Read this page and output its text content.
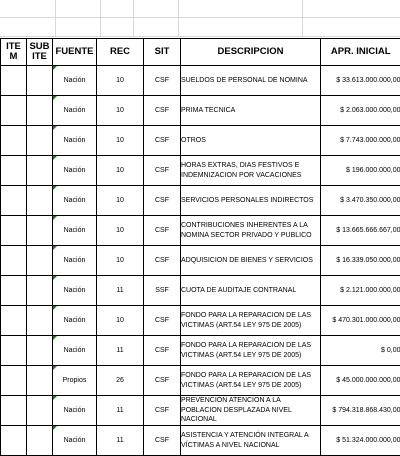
ITE M	SUB ITE	FUENTE	REC	SIT	DESCRIPCION	APR. INICIAL
		Nación	10	CSF	SUELDOS DE PERSONAL DE NOMINA	$ 33.613.000.000,00
		Nación	10	CSF	PRIMA TECNICA	$ 2.063.000.000,00
		Nación	10	CSF	OTROS	$ 7.743.000.000,00
		Nación	10	CSF	HORAS EXTRAS, DIAS FESTIVOS E INDEMNIZACION POR VACACIONES	$ 196.000.000,00
		Nación	10	CSF	SERVICIOS PERSONALES INDIRECTOS	$ 3.470.350.000,00
		Nación	10	CSF	CONTRIBUCIONES INHERENTES A LA NOMINA SECTOR PRIVADO Y PUBLICO	$ 13.665.666.667,00
		Nación	10	CSF	ADQUISICION DE BIENES Y SERVICIOS	$ 16.339.050.000,00
		Nación	11	SSF	CUOTA DE AUDITAJE CONTRANAL	$ 2.121.000.000,00
		Nación	10	CSF	FONDO PARA LA REPARACION DE LAS VICTIMAS (ART.54 LEY 975 DE 2005)	$ 470.301.000.000,00
		Nación	11	CSF	FONDO PARA LA REPARACION DE LAS VICTIMAS (ART.54 LEY 975 DE 2005)	$ 0,00
		Propios	26	CSF	FONDO PARA LA REPARACION DE LAS VICTIMAS (ART.54 LEY 975 DE 2005)	$ 45.000.000.000,00
		Nación	11	CSF	PREVENCIÓN ATENCION A LA POBLACION DESPLAZADA NIVEL NACIONAL	$ 794.318.868.430,00
		Nación	11	CSF	ASISTENCIA Y ATENCIÓN INTEGRAL A VÍCTIMAS A NIVEL NACIONAL	$ 51.324.000.000,00
